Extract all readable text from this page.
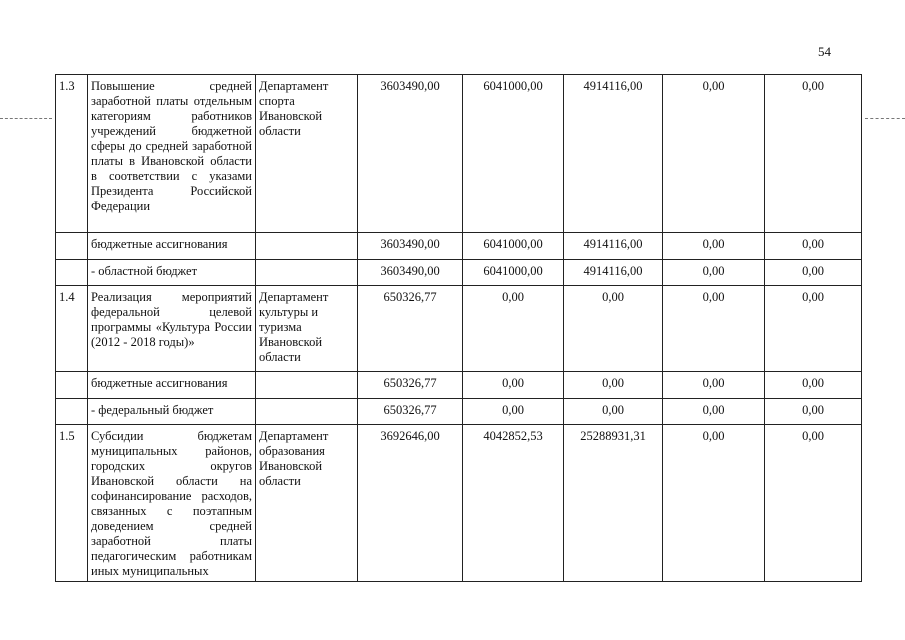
54
1.3	Повышение средней заработной платы отдельным категориям работников учреждений бюджетной сферы до средней заработной платы в Ивановской области в соответствии с указами Президента Российской Федерации	Департамент спорта Ивановской области	3603490,00	6041000,00	4914116,00	0,00	0,00
	бюджетные ассигнования		3603490,00	6041000,00	4914116,00	0,00	0,00
	- областной бюджет		3603490,00	6041000,00	4914116,00	0,00	0,00
1.4	Реализация мероприятий федеральной целевой программы «Культура России (2012 - 2018 годы)»	Департамент культуры и туризма Ивановской области	650326,77	0,00	0,00	0,00	0,00
	бюджетные ассигнования		650326,77	0,00	0,00	0,00	0,00
	- федеральный бюджет		650326,77	0,00	0,00	0,00	0,00
1.5	Субсидии бюджетам муниципальных районов, городских округов Ивановской области на софинансирование расходов, связанных с поэтапным доведением средней заработной платы педагогическим работникам иных муниципальных	Департамент образования Ивановской области	3692646,00	4042852,53	25288931,31	0,00	0,00
